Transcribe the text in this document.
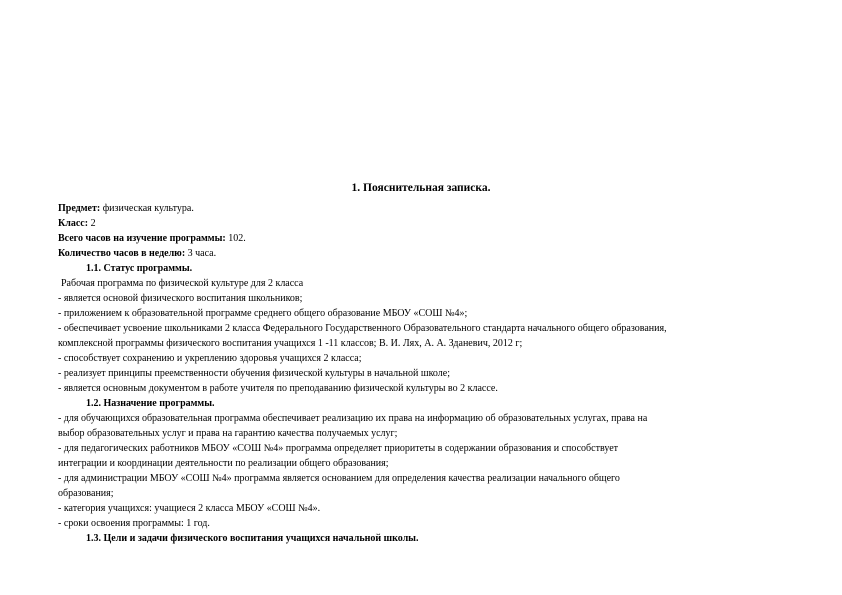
1. Пояснительная записка.
Предмет: физическая культура.
Класс: 2
Всего часов на изучение программы: 102.
Количество часов в неделю: 3 часа.
1.1. Статус программы.
Рабочая программа по физической культуре для 2 класса
- является основой физического воспитания школьников;
- приложением к образовательной программе среднего общего образование МБОУ «СОШ №4»;
- обеспечивает усвоение школьниками 2 класса Федерального Государственного Образовательного стандарта начального общего образования,
комплексной программы физического воспитания учащихся 1 -11 классов; В. И. Лях, А. А. Зданевич, 2012 г;
- способствует сохранению и укреплению здоровья учащихся 2 класса;
- реализует принципы преемственности обучения физической культуры в начальной школе;
- является основным документом в работе учителя по преподаванию физической культуры во 2 классе.
1.2. Назначение программы.
- для обучающихся образовательная программа обеспечивает реализацию их права на информацию об образовательных услугах, права на
выбор образовательных услуг и права на гарантию качества получаемых услуг;
- для педагогических работников МБОУ «СОШ №4» программа определяет приоритеты в содержании образования и способствует
интеграции и координации деятельности по реализации общего образования;
- для администрации МБОУ «СОШ №4» программа является основанием для определения качества реализации начального общего
образования;
- категория учащихся: учащиеся 2 класса МБОУ «СОШ №4».
- сроки освоения программы: 1 год.
1.3. Цели и задачи физического воспитания учащихся начальной школы.
